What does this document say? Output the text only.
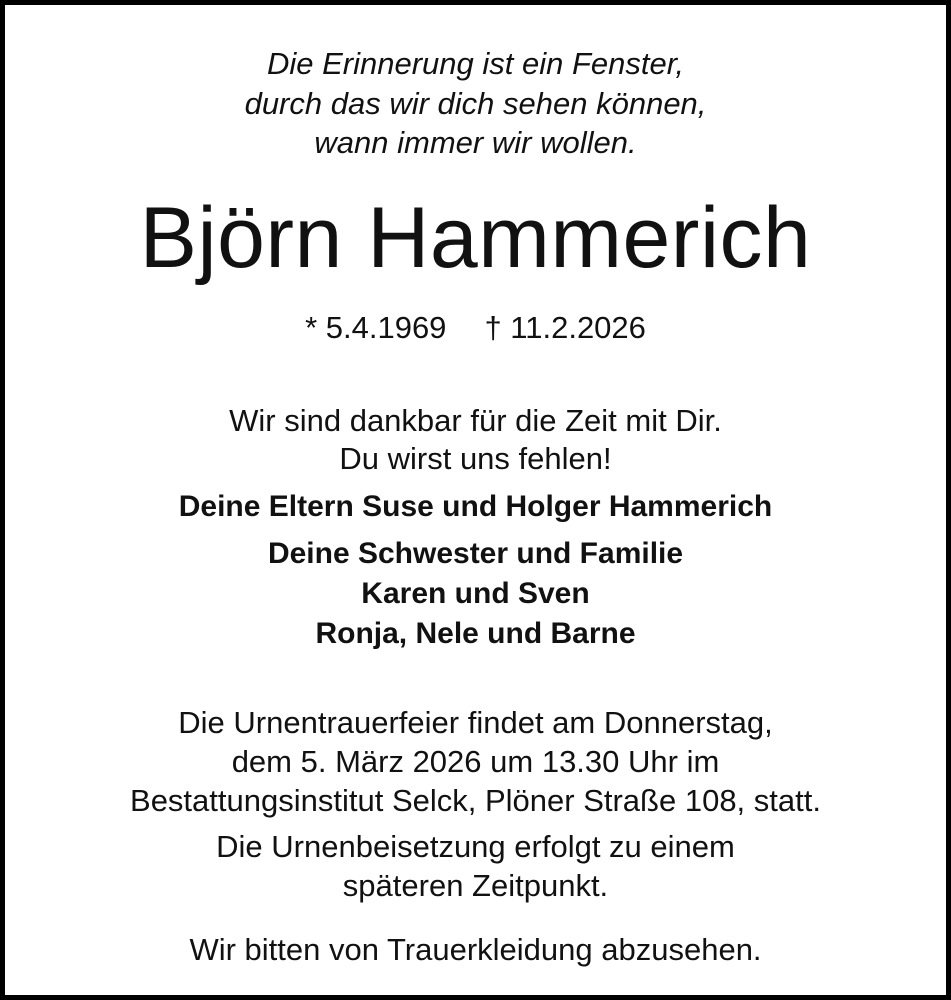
Die Erinnerung ist ein Fenster,
durch das wir dich sehen können,
wann immer wir wollen.
Björn Hammerich
* 5.4.1969 † 11.2.2026
Wir sind dankbar für die Zeit mit Dir.
Du wirst uns fehlen!
Deine Eltern Suse und Holger Hammerich
Deine Schwester und Familie
Karen und Sven
Ronja, Nele und Barne
Die Urnentrauerfeier findet am Donnerstag,
dem 5. März 2026 um 13.30 Uhr im
Bestattungsinstitut Selck, Plöner Straße 108, statt.
Die Urnenbeisetzung erfolgt zu einem
späteren Zeitpunkt.
Wir bitten von Trauerkleidung abzusehen.
